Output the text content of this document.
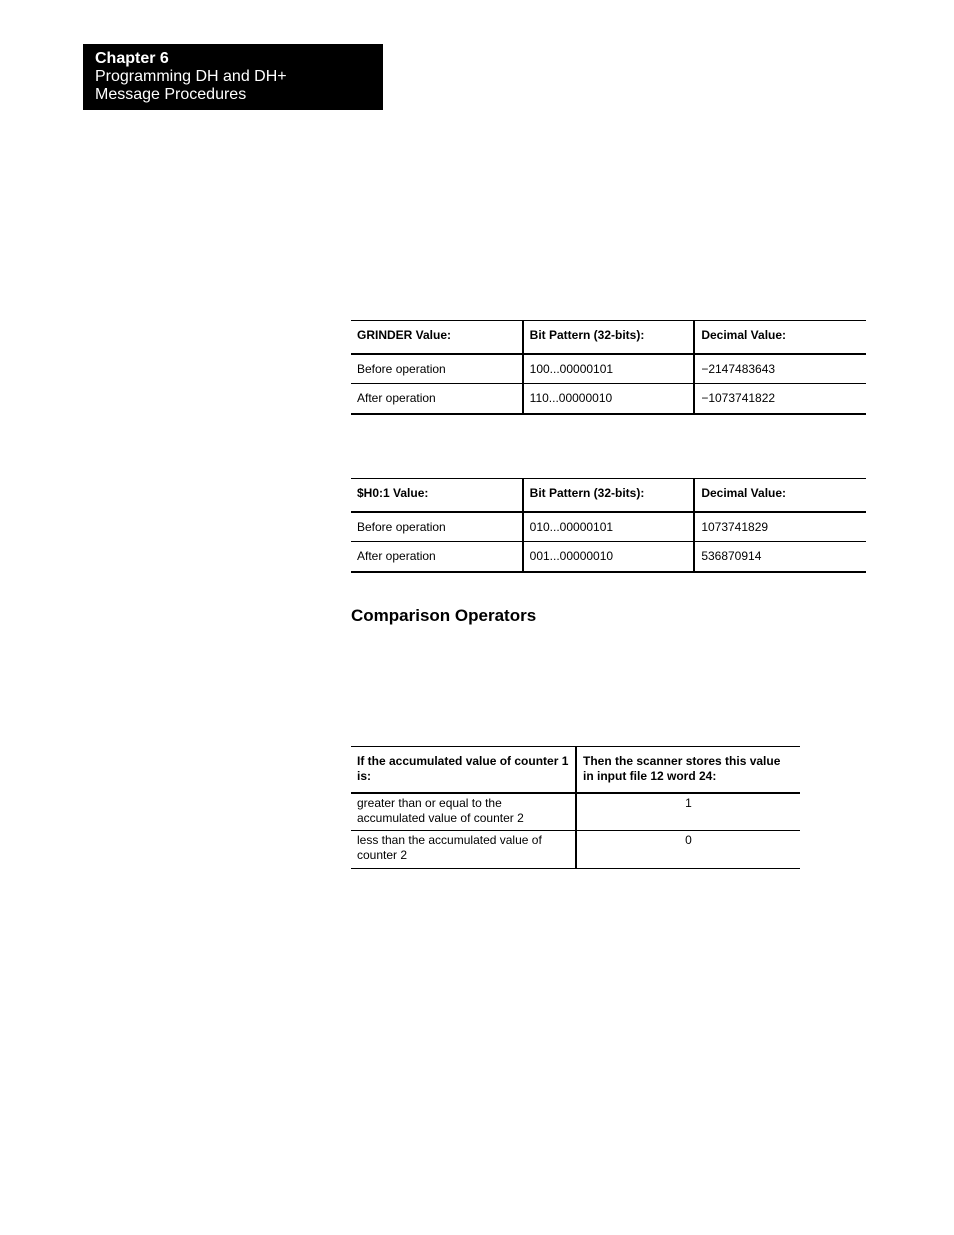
Chapter 6
Programming DH and DH+
Message Procedures
GRINDER Value:	Bit Pattern (32-bits):	Decimal Value:
Before operation	100...00000101	−2147483643
After operation	110...00000010	−1073741822
$H0:1 Value:	Bit Pattern (32-bits):	Decimal Value:
Before operation	010...00000101	1073741829
After operation	001...00000010	536870914
Comparison Operators
If the accumulated value of counter 1 is:	Then the scanner stores this value in input file 12 word 24:
greater than or equal to the accumulated value of counter 2	1
less than the accumulated value of counter 2	0
